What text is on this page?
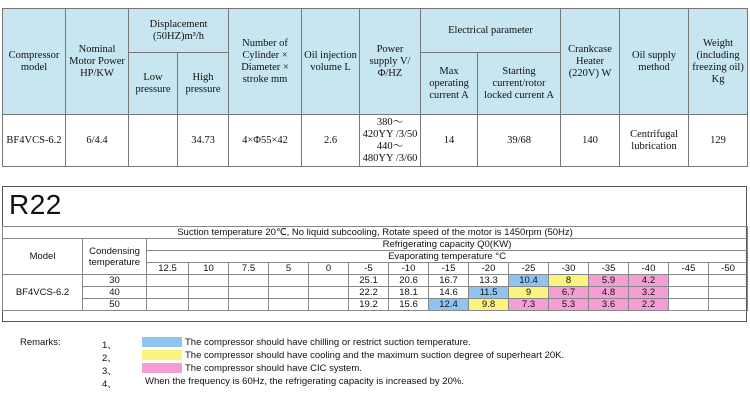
Compressor model	Nominal Motor Power HP/KW	Displacement (50HZ)m³/h		Number of Cylinder × Diameter × stroke mm	Oil injection volume L	Power supply V/Φ/HZ	Electrical parameter		Crankcase Heater (220V) W	Oil supply method	Weight (including freezing oil) Kg
		Low pressure	High pressure				Max operating current A	Starting current/rotor locked current A			
BF4VCS-6.2	6/4.4		34.73	4×Φ55×42	2.6	380～420YY /3/50 440～480YY /3/60	14	39/68	140	Centrifugal lubrication	129
R22
Suction temperature 20℃, No liquid subcooling, Rotate speed of the motor is 1450rpm (50Hz)																
Model	Condensing temperature	Refrigerating capacity Q0(KW)														
		Evaporating temperature °C														
		12.5	10	7.5	5	0	-5	-10	-15	-20	-25	-30	-35	-40	-45	-50
BF4VCS-6.2	30						25.1	20.6	16.7	13.3	10.4	8	5.9	4.2		
	40						22.2	18.1	14.6	11.5	9	6.7	4.8	3.2		
	50						19.2	15.6	12.4	9.8	7.3	5.3	3.6	2.2		
Remarks:	1、	The compressor should have chilling or restrict suction temperature.
2、	The compressor should have cooling and the maximum suction degree of superheart 20K.
3、	The compressor should have CIC system.
4、	When the frequency is 60Hz, the refrigerating capacity is increased by 20%.
